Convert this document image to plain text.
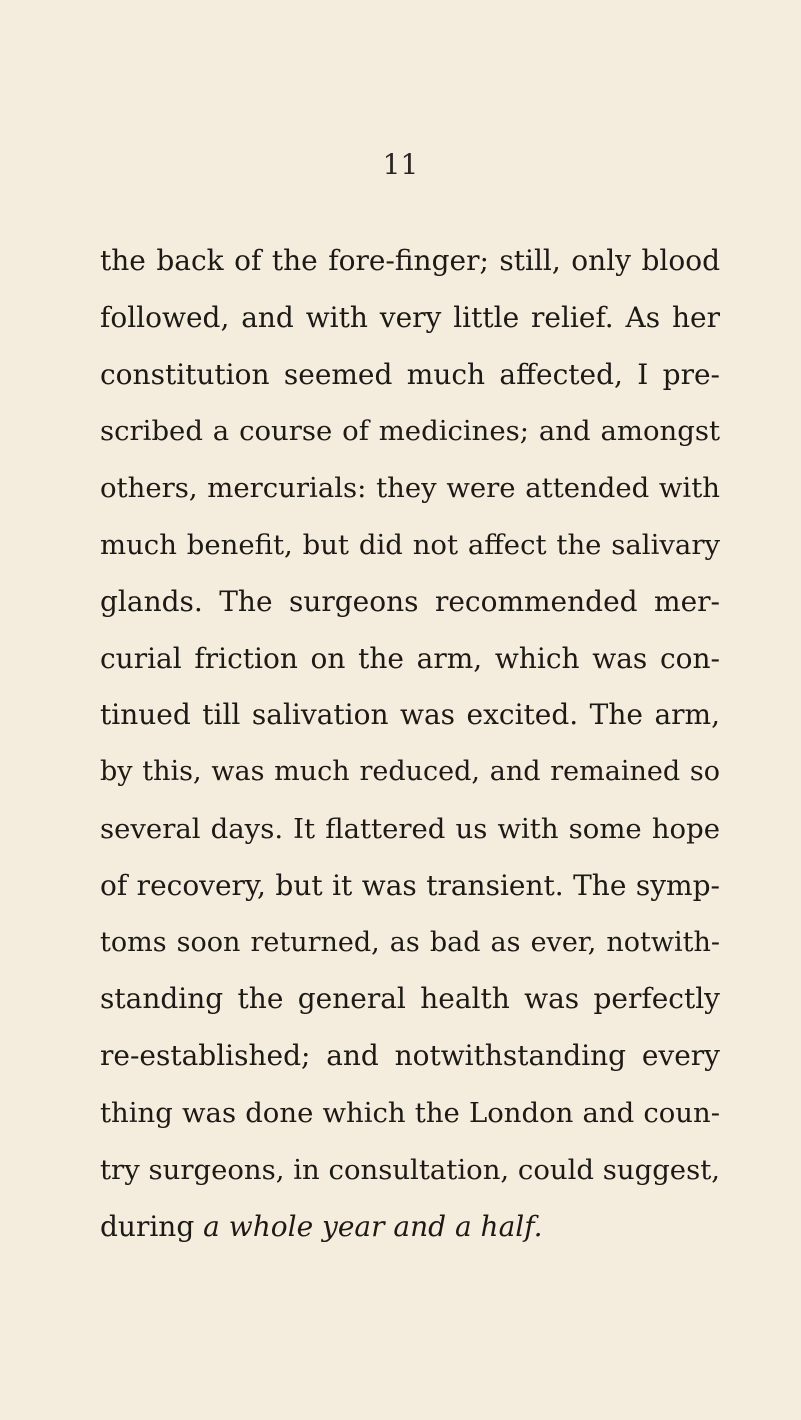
11
the back of the fore-finger; still, only blood
followed, and with very little relief. As her
constitution seemed much affected, I pre-
scribed a course of medicines; and amongst
others, mercurials: they were attended with
much benefit, but did not affect the salivary
glands. The surgeons recommended mer-
curial friction on the arm, which was con-
tinued till salivation was excited. The arm,
by this, was much reduced, and remained so
several days. It flattered us with some hope
of recovery, but it was transient. The symp-
toms soon returned, as bad as ever, notwith-
standing the general health was perfectly
re-established; and notwithstanding every
thing was done which the London and coun-
try surgeons, in consultation, could suggest,
during a whole year and a half.
